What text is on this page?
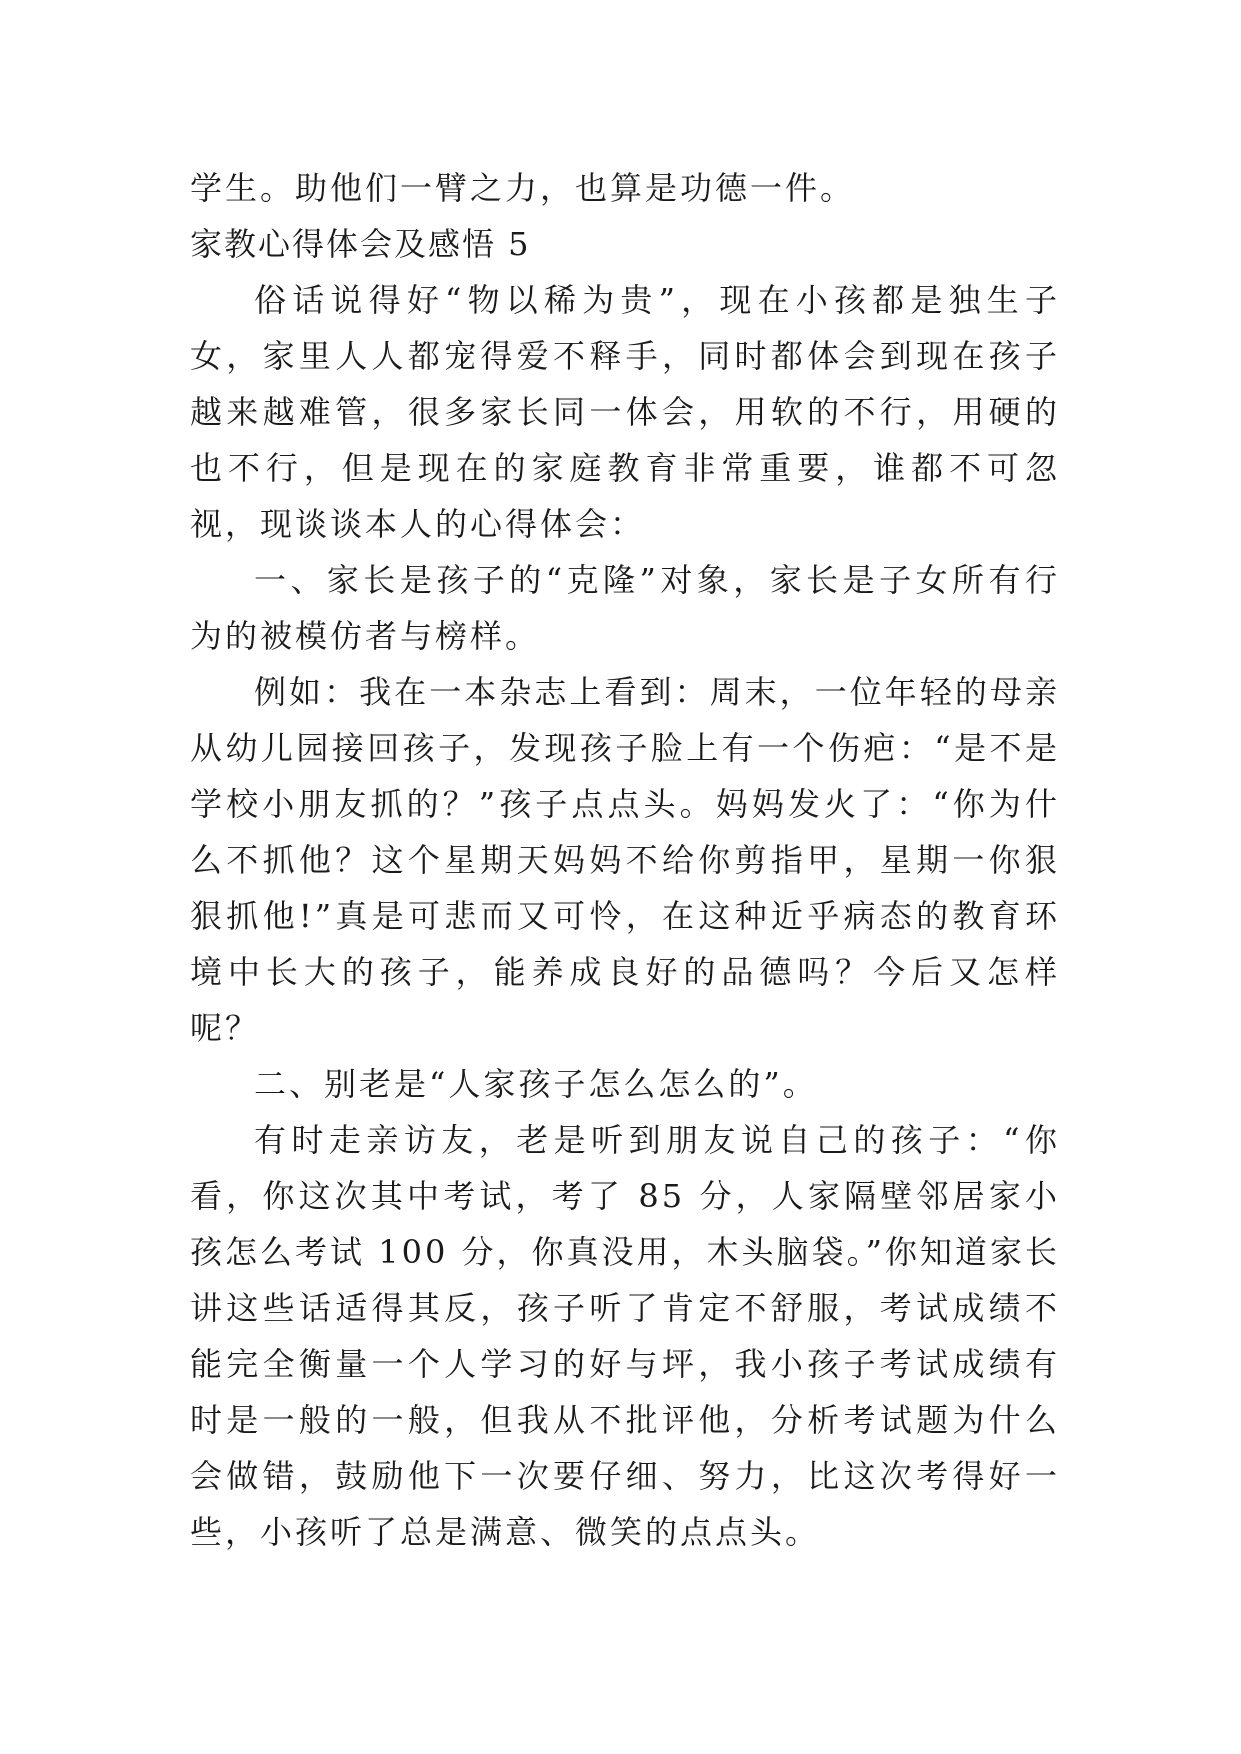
学生。助他们一臂之力，也算是功德一件。

家教心得体会及感悟 5

俗话说得好“物以稀为贵”，现在小孩都是独生子女，家里人人都宠得爱不释手，同时都体会到现在孩子越来越难管，很多家长同一体会，用软的不行，用硬的也不行，但是现在的家庭教育非常重要，谁都不可忽视，现谈谈本人的心得体会：

一、家长是孩子的“克隆”对象，家长是子女所有行为的被模仿者与榜样。

例如：我在一本杂志上看到：周末，一位年轻的母亲从幼儿园接回孩子，发现孩子脸上有一个伤疤：“是不是学校小朋友抓的？”孩子点点头。妈妈发火了：“你为什么不抓他？这个星期天妈妈不给你剪指甲，星期一你狠狠抓他!”真是可悲而又可怜，在这种近乎病态的教育环境中长大的孩子，能养成良好的品德吗？今后又怎样呢？

二、别老是“人家孩子怎么怎么的”。

有时走亲访友，老是听到朋友说自己的孩子：“你看，你这次其中考试，考了 85 分，人家隔壁邻居家小孩怎么考试 100 分，你真没用，木头脑袋。”你知道家长讲这些话适得其反，孩子听了肯定不舒服，考试成绩不能完全衡量一个人学习的好与坪，我小孩子考试成绩有时是一般的一般，但我从不批评他，分析考试题为什么会做错，鼓励他下一次要仔细、努力，比这次考得好一些，小孩听了总是满意、微笑的点点头。
